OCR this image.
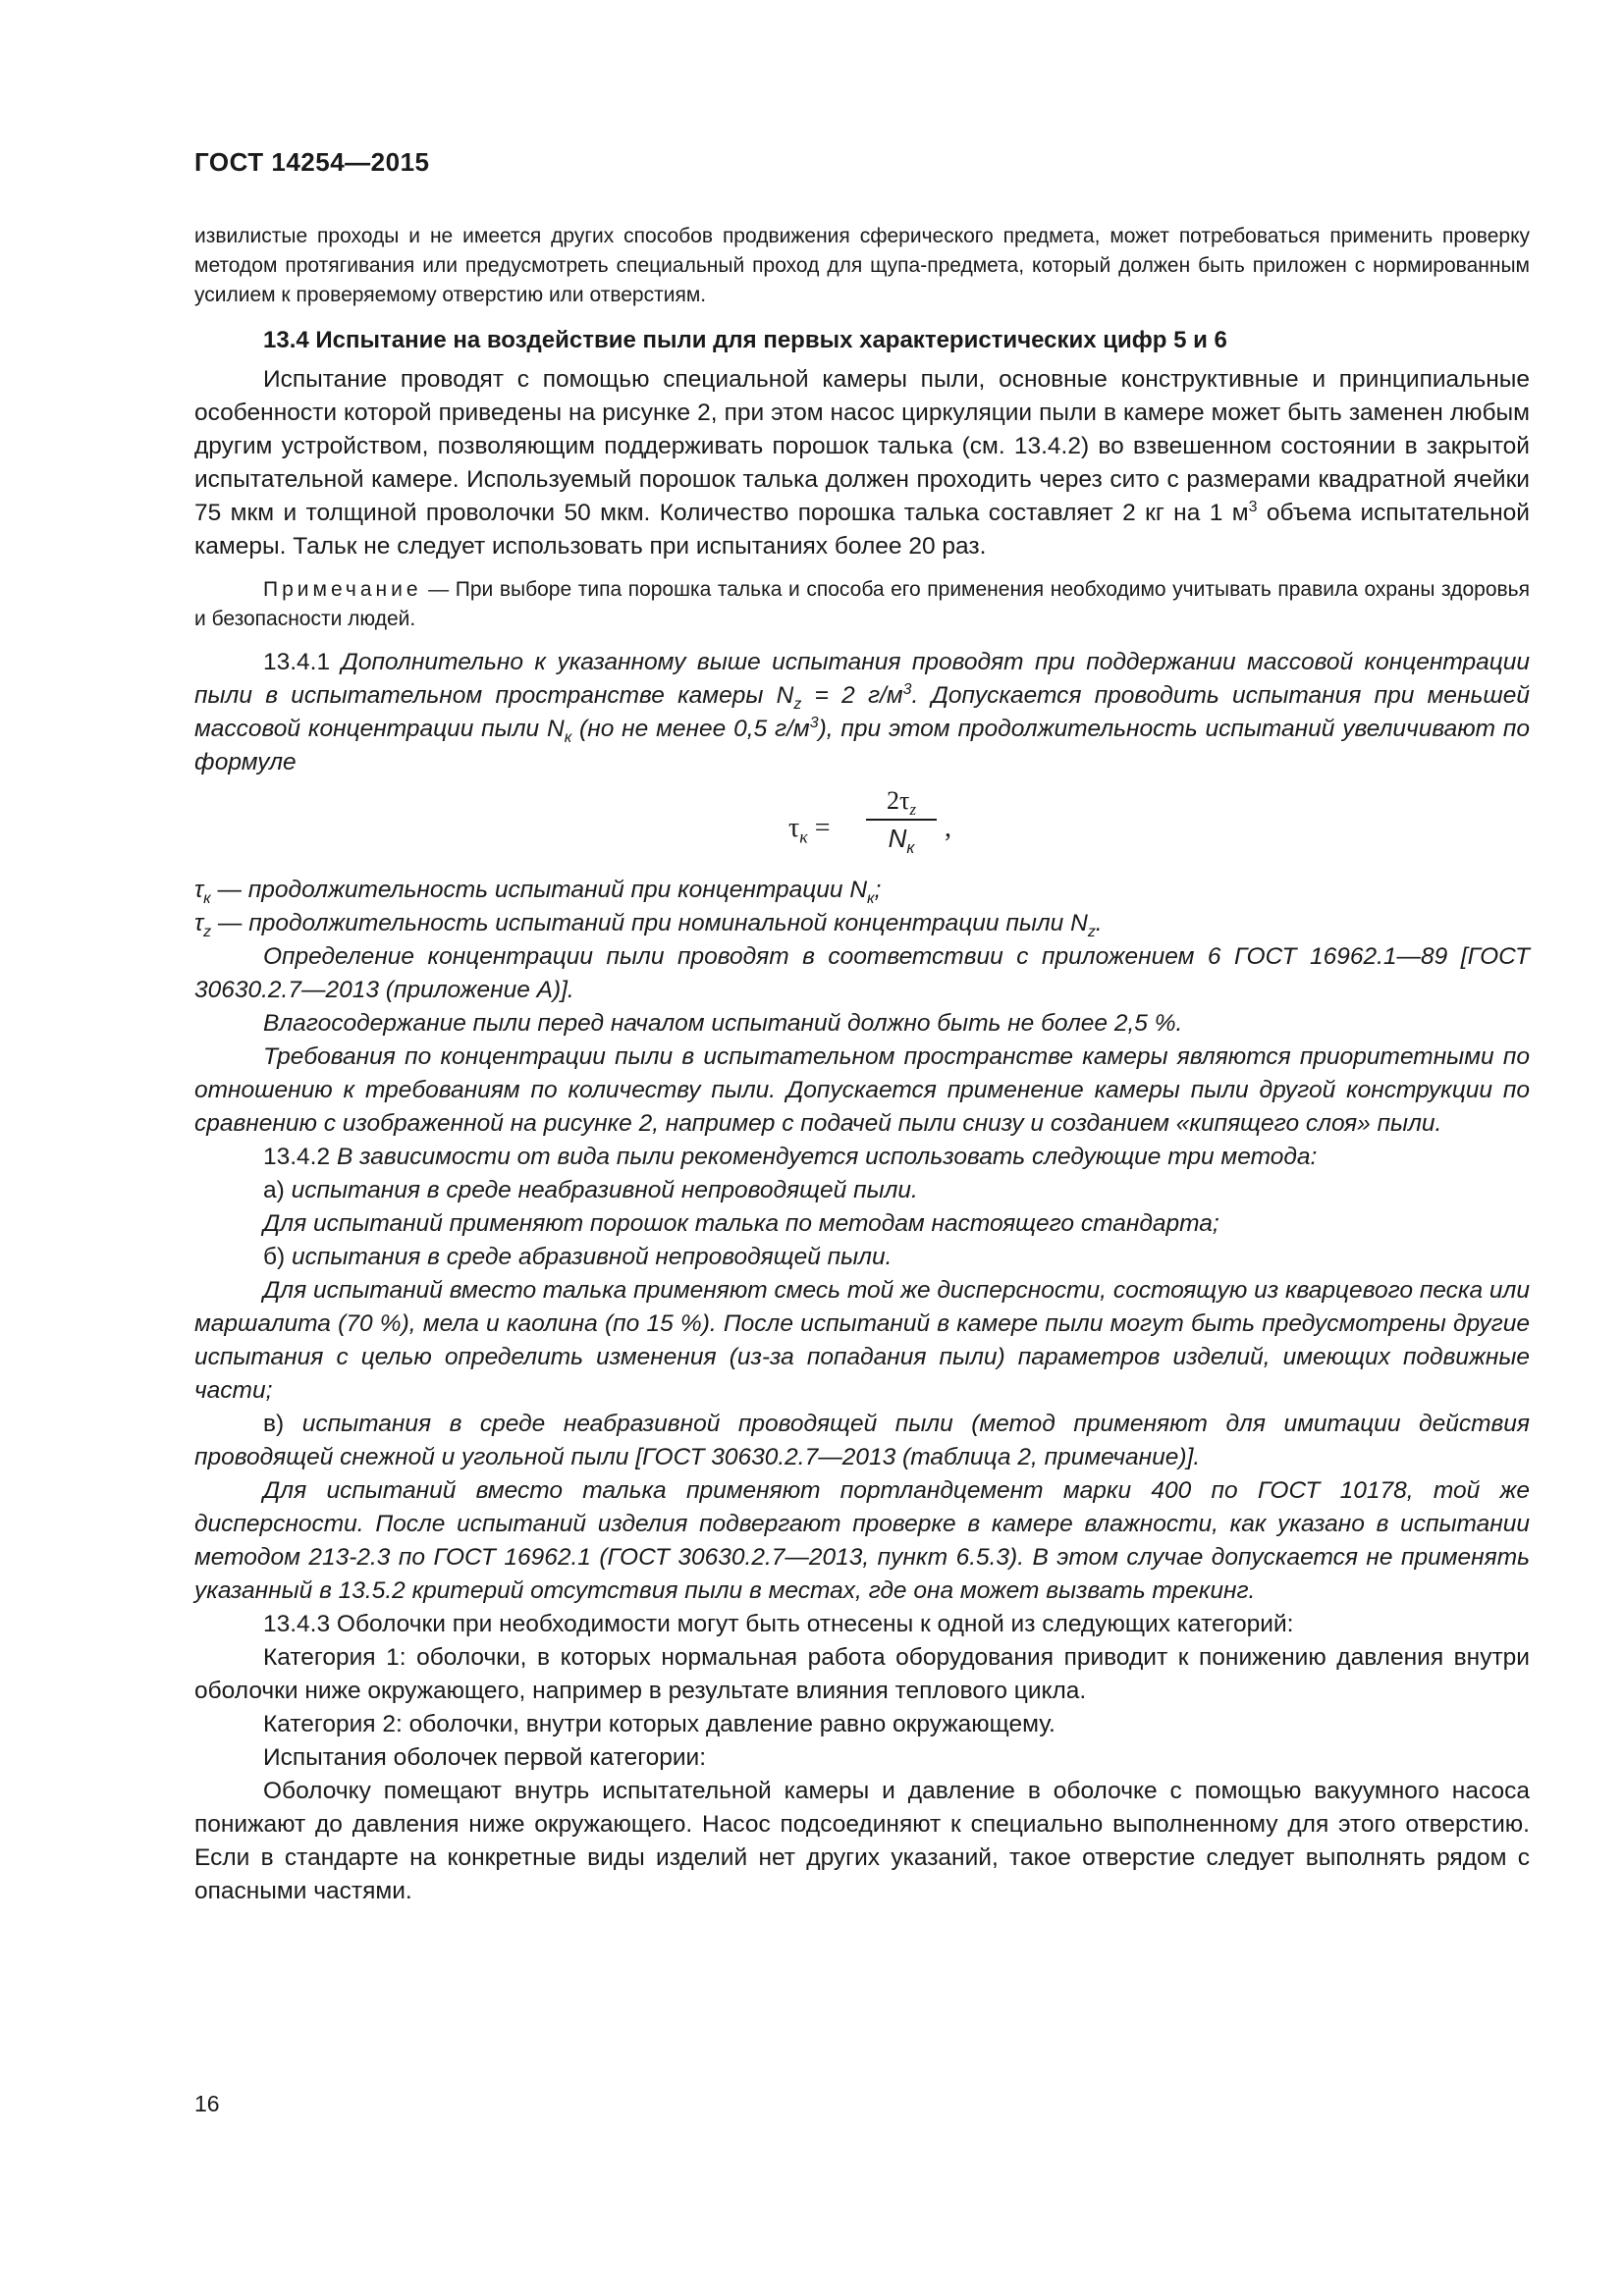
ГОСТ 14254—2015

извилистые проходы и не имеется других способов продвижения сферического предмета, может потребоваться применить проверку методом протягивания или предусмотреть специальный проход для щупа-предмета, который должен быть приложен с нормированным усилием к проверяемому отверстию или отверстиям.

13.4 Испытание на воздействие пыли для первых характеристических цифр 5 и 6

Испытание проводят с помощью специальной камеры пыли, основные конструктивные и принципиальные особенности которой приведены на рисунке 2, при этом насос циркуляции пыли в камере может быть заменен любым другим устройством, позволяющим поддерживать порошок талька (см. 13.4.2) во взвешенном состоянии в закрытой испытательной камере. Используемый порошок талька должен проходить через сито с размерами квадратной ячейки 75 мкм и толщиной проволочки 50 мкм. Количество порошка талька составляет 2 кг на 1 $м^3$ объема испытательной камеры. Тальк не следует использовать при испытаниях более 20 раз.

Примечание — При выборе типа порошка талька и способа его применения необходимо учитывать правила охраны здоровья и безопасности людей.

13.4.1 Дополнительно к указанному выше испытания проводят при поддержании массовой концентрации пыли в испытательном пространстве камеры $N_z = 2$ $г/м^3$. Допускается проводить испытания при меньшей массовой концентрации пыли $N_к$ (но не менее 0,5 $г/м^3$), при этом продолжительность испытаний увеличивают по формуле

$\tau_к$ =
$2\tau_z$
$N_к$
,

$\tau_к$ — продолжительность испытаний при концентрации $N_к$;

$\tau_z$ — продолжительность испытаний при номинальной концентрации пыли $N_z$.

Определение концентрации пыли проводят в соответствии с приложением 6 ГОСТ 16962.1—89 [ГОСТ 30630.2.7—2013 (приложение А)].

Влагосодержание пыли перед началом испытаний должно быть не более 2,5 %.

Требования по концентрации пыли в испытательном пространстве камеры являются приоритетными по отношению к требованиям по количеству пыли. Допускается применение камеры пыли другой конструкции по сравнению с изображенной на рисунке 2, например с подачей пыли снизу и созданием «кипящего слоя» пыли.

13.4.2 В зависимости от вида пыли рекомендуется использовать следующие три метода:

а) испытания в среде неабразивной непроводящей пыли.

Для испытаний применяют порошок талька по методам настоящего стандарта;

б) испытания в среде абразивной непроводящей пыли.

Для испытаний вместо талька применяют смесь той же дисперсности, состоящую из кварцевого песка или маршалита (70 %), мела и каолина (по 15 %). После испытаний в камере пыли могут быть предусмотрены другие испытания с целью определить изменения (из-за попадания пыли) параметров изделий, имеющих подвижные части;

в) испытания в среде неабразивной проводящей пыли (метод применяют для имитации действия проводящей снежной и угольной пыли [ГОСТ 30630.2.7—2013 (таблица 2, примечание)].

Для испытаний вместо талька применяют портландцемент марки 400 по ГОСТ 10178, той же дисперсности. После испытаний изделия подвергают проверке в камере влажности, как указано в испытании методом 213-2.3 по ГОСТ 16962.1 (ГОСТ 30630.2.7—2013, пункт 6.5.3). В этом случае допускается не применять указанный в 13.5.2 критерий отсутствия пыли в местах, где она может вызвать трекинг.

13.4.3 Оболочки при необходимости могут быть отнесены к одной из следующих категорий:

Категория 1: оболочки, в которых нормальная работа оборудования приводит к понижению давления внутри оболочки ниже окружающего, например в результате влияния теплового цикла.

Категория 2: оболочки, внутри которых давление равно окружающему.

Испытания оболочек первой категории:

Оболочку помещают внутрь испытательной камеры и давление в оболочке с помощью вакуумного насоса понижают до давления ниже окружающего. Насос подсоединяют к специально выполненному для этого отверстию. Если в стандарте на конкретные виды изделий нет других указаний, такое отверстие следует выполнять рядом с опасными частями.

16
